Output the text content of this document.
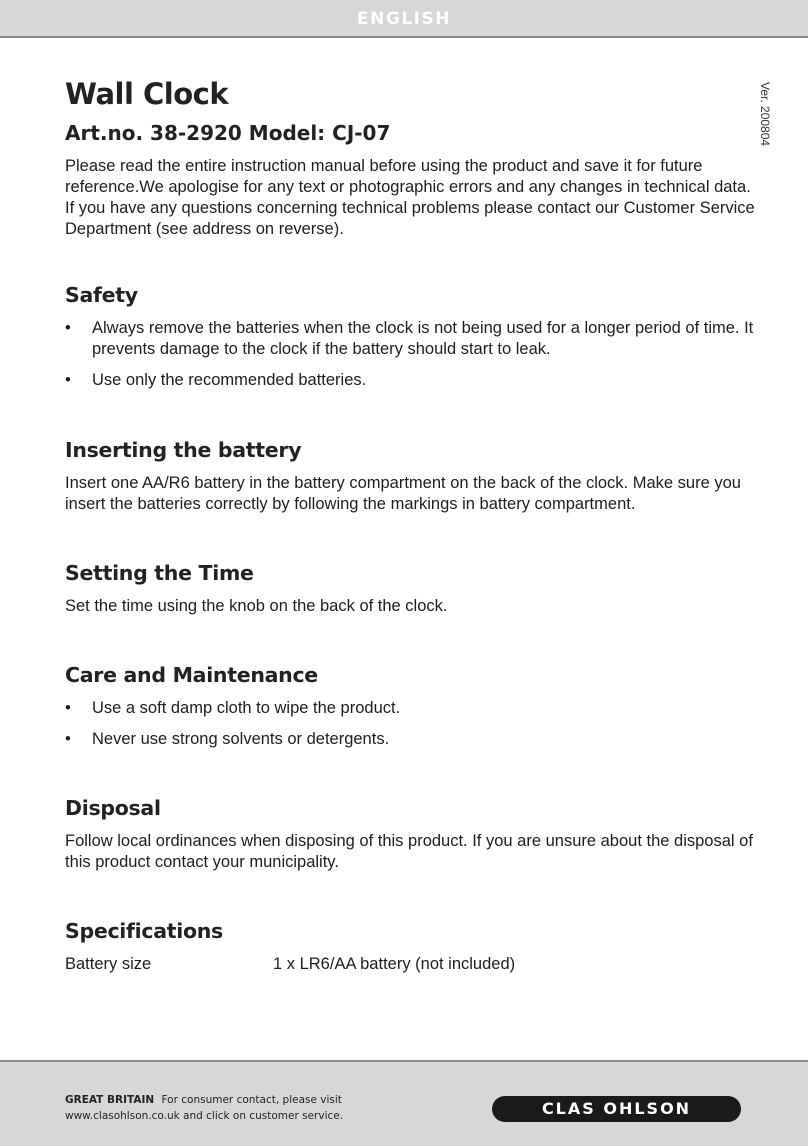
ENGLISH
Ver. 200804
Wall Clock
Art.no. 38-2920 Model: CJ-07

Please read the entire instruction manual before using the product and save it for future reference.We apologise for any text or photographic errors and any changes in technical data. If you have any questions concerning technical problems please contact our Customer Service Department (see address on reverse).

Safety
• Always remove the batteries when the clock is not being used for a longer period of time. It prevents damage to the clock if the battery should start to leak.
• Use only the recommended batteries.
Inserting the battery

Insert one AA/R6 battery in the battery compartment on the back of the clock. Make sure you insert the batteries correctly by following the markings in battery compartment.

Setting the Time

Set the time using the knob on the back of the clock.

Care and Maintenance
• Use a soft damp cloth to wipe the product.
• Never use strong solvents or detergents.
Disposal

Follow local ordinances when disposing of this product. If you are unsure about the disposal of this product contact your municipality.

Specifications
Battery size	1 x LR6/AA battery (not included)
GREAT BRITAIN For consumer contact, please visit www.clasohlson.co.uk and click on customer service.	CLAS OHLSON
